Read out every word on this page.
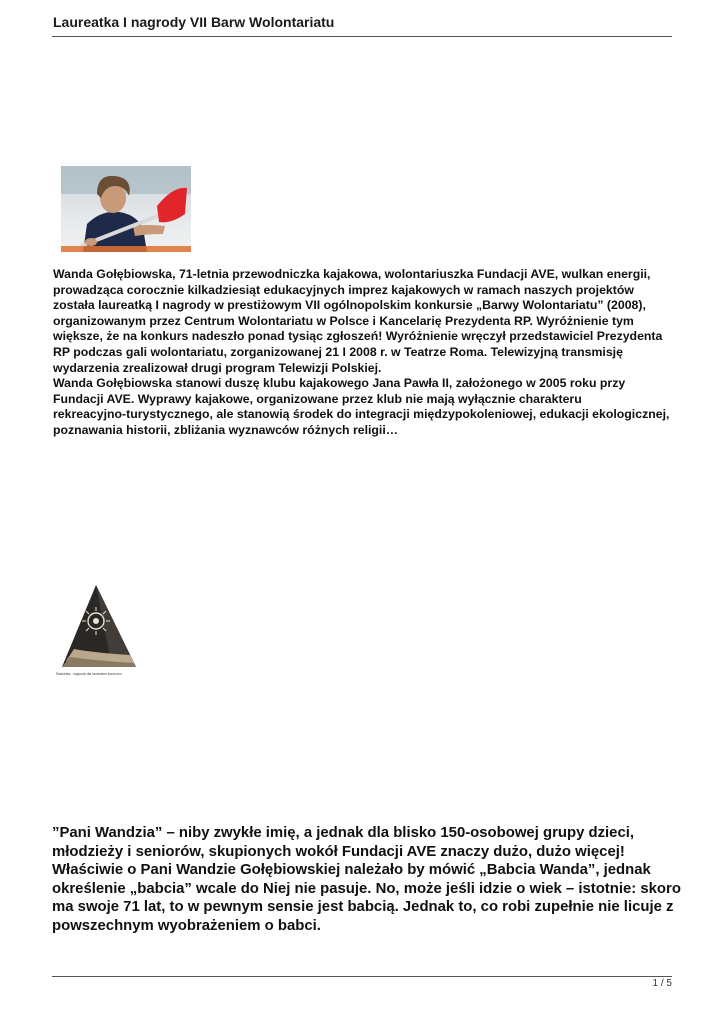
Laureatka I nagrody VII Barw Wolontariatu

Wanda Gołębiowska, 71-letnia przewodniczka kajakowa, wolontariuszka Fundacji AVE, wulkan energii,

prowadząca corocznie kilkadziesiąt edukacyjnych imprez kajakowych w ramach naszych projektów

została laureatką I nagrody w prestiżowym VII ogólnopolskim konkursie „Barwy Wolontariatu” (2008),

organizowanym przez Centrum Wolontariatu w Polsce i Kancelarię Prezydenta RP. Wyróżnienie tym

większe, że na konkurs nadeszło ponad tysiąc zgłoszeń! Wyróżnienie wręczył przedstawiciel Prezydenta

RP podczas gali wolontariatu, zorganizowanej 21 I 2008 r. w Teatrze Roma. Telewizyjną transmisję

wydarzenia zrealizował drugi program Telewizji Polskiej.

Wanda Gołębiowska stanowi duszę klubu kajakowego Jana Pawła II, założonego w 2005 roku przy

Fundacji AVE. Wyprawy kajakowe, organizowane przez klub nie mają wyłącznie charakteru

rekreacyjno-turystycznego, ale stanowią środek do integracji międzypokoleniowej, edukacji ekologicznej,

poznawania historii, zbliżania wyznawców różnych religii…

Statuetka - nagroda dla laureatów konkursu

”Pani Wandzia” – niby zwykłe imię, a jednak dla blisko 150-osobowej grupy dzieci,

młodzieży i seniorów, skupionych wokół Fundacji AVE znaczy dużo, dużo więcej!

Właściwie o Pani Wandzie Gołębiowskiej należało by mówić „Babcia Wanda”, jednak

określenie „babcia” wcale do Niej nie pasuje. No, może jeśli idzie o wiek – istotnie: skoro

ma swoje 71 lat, to w pewnym sensie jest babcią. Jednak to, co robi zupełnie nie licuje z

powszechnym wyobrażeniem o babci.

1 / 5
